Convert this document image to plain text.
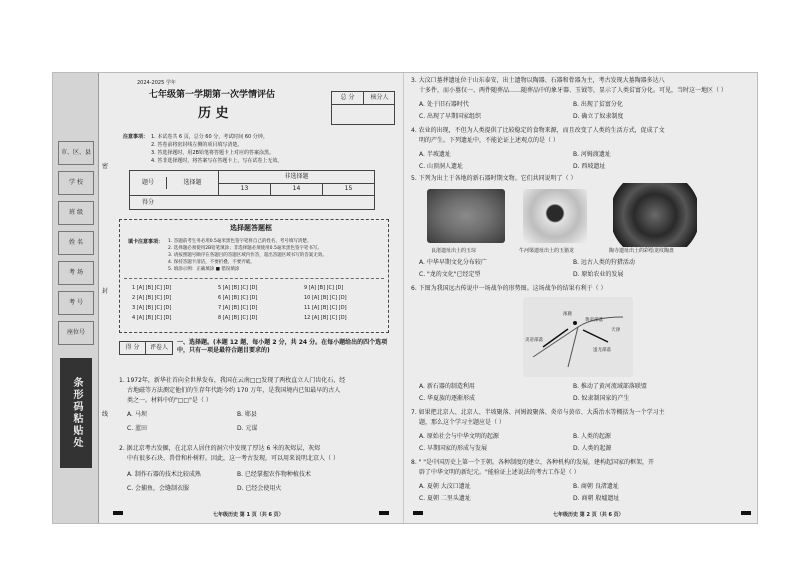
市、区、县
学 校
班 级
姓 名
考 场
考 号
座位号
条形码粘贴处
密
封
线
2024-2025 学年
七年级第一学期第一次学情评估
历 史
总 分	核分人
注意事项： 1. 本试卷共 6 页，总分 60 分，考试时间 60 分钟。
2. 答卷前将密封线左侧的项目填写清楚。
3. 答选择题时，用2B铅笔将答题卡上对应的答案涂黑。
4. 答非选择题时，将答案写在答题卡上，写在试卷上无效。
题号	选择题
非选择题
13	14	15
得分
选择题答题框
填卡注意事项： 1. 答题前考生务必用0.5毫米黑色签字笔将自己的姓名、考号填写清楚。
2. 选择题必须使用2B铅笔填涂；非选择题必须使用0.5毫米黑色签字笔书写。
3. 请按照题号顺序在各题目的答题区域内作答，超出答题区域书写的答案无效。
4. 保持答题卡清洁，不要折叠，不要弄破。
5. 填涂示例：正确填涂 ■ 错误填涂
1 [A] [B] [C] [D]
2 [A] [B] [C] [D]
3 [A] [B] [C] [D]
4 [A] [B] [C] [D]
5 [A] [B] [C] [D]
6 [A] [B] [C] [D]
7 [A] [B] [C] [D]
8 [A] [B] [C] [D]
9 [A] [B] [C] [D]
10 [A] [B] [C] [D]
11 [A] [B] [C] [D]
12 [A] [B] [C] [D]
得 分	评卷人
一、选择题。(本题 12 题，每小题 2 分，共 24 分。在每小题给出的四个选项中，只有一项是最符合题目要求的)
1. 1972年，新华社首向全世界发布，我国在云南□□发现了两枚直立人门齿化石，经
古地磁等方法测定他们的生存年代距今约 170 万年，是我国境内已知最早的古人
类之一。材料中的"□□"是（ ）
A. 马坝	B. 郧县
C. 蓝田	D. 元谋
2. 据北京考古发掘，在北京人居住的洞穴中发现了厚达 6 米的灰烬层，灰烬
中有很多石块、兽骨和朴树籽。因此，这一考古发现，可以用来说明北京人（ ）
A. 制作石器的技术比较成熟	B. 已经掌握农作物种植技术
C. 会捕鱼，会缝制衣服	D. 已经会使用火
七年级历史 第 1 页（共 6 页）
3. 大汶口墓葬遗址位于山东泰安，出土遗物以陶器、石器和骨器为主，考古发现大墓陶器多达八
十多件，而小墓仅一、两件随葬品……随葬品中的象牙器、玉钺等，显示了人类贫富分化。可见，当时这一地区（ ）
A. 处于旧石器时代	B. 出现了贫富分化
C. 出现了早期国家组织	D. 确立了奴隶制度
4. 农业的出现，不但为人类提供了比较稳定的食物来源，而且改变了人类的生活方式，促成了文
明的产生。下列遗址中，不能论证上述观点的是（ ）
A. 半坡遗址	B. 河姆渡遗址
C. 山顶洞人遗址	D. 西坡遗址
5. 下列为出土于各地的新石器时期文物。它们共同说明了（ ）
良渚遗址出土的玉琮	牛河梁遗址出土的玉猪龙	陶寺遗址出土的彩绘龙纹陶盘
A. 中华早期文化分布较广	B. 远古人类的狩猎活动
C. "龙的文化"已经定型	D. 原始农业的发展
6. 下图为我国远古传说中一场战争的形势图。这场战争的结果有利于（ ）
涿鹿
黄帝部落
炎帝部落
蚩尤部落
天津
A. 新石器的制造利用	B. 推动了黄河流域部落联盟
C. 华夏族的逐渐形成	D. 奴隶制国家的产生
7. 如果把北京人、北京人、半坡聚落、河姆渡聚落、炎帝与黄帝、大禹治水等概括为一个学习主
题，那么这个学习主题应是（ ）
A. 原始社会与中华文明的起源	B. 人类的起源
C. 早期国家的形成与发展	D. 人类的起源
8. " "是中国历史上第一个王朝。各种制度的建立，各种机构的发展，建构起国家的框架，开
辟了中华文明的新纪元。"能验证上述说法的考古工作是（ ）
A. 夏朝 大汶口遗址	B. 商朝 良渚遗址
C. 夏朝 二里头遗址	D. 商朝 殷墟遗址
七年级历史 第 2 页（共 6 页）
